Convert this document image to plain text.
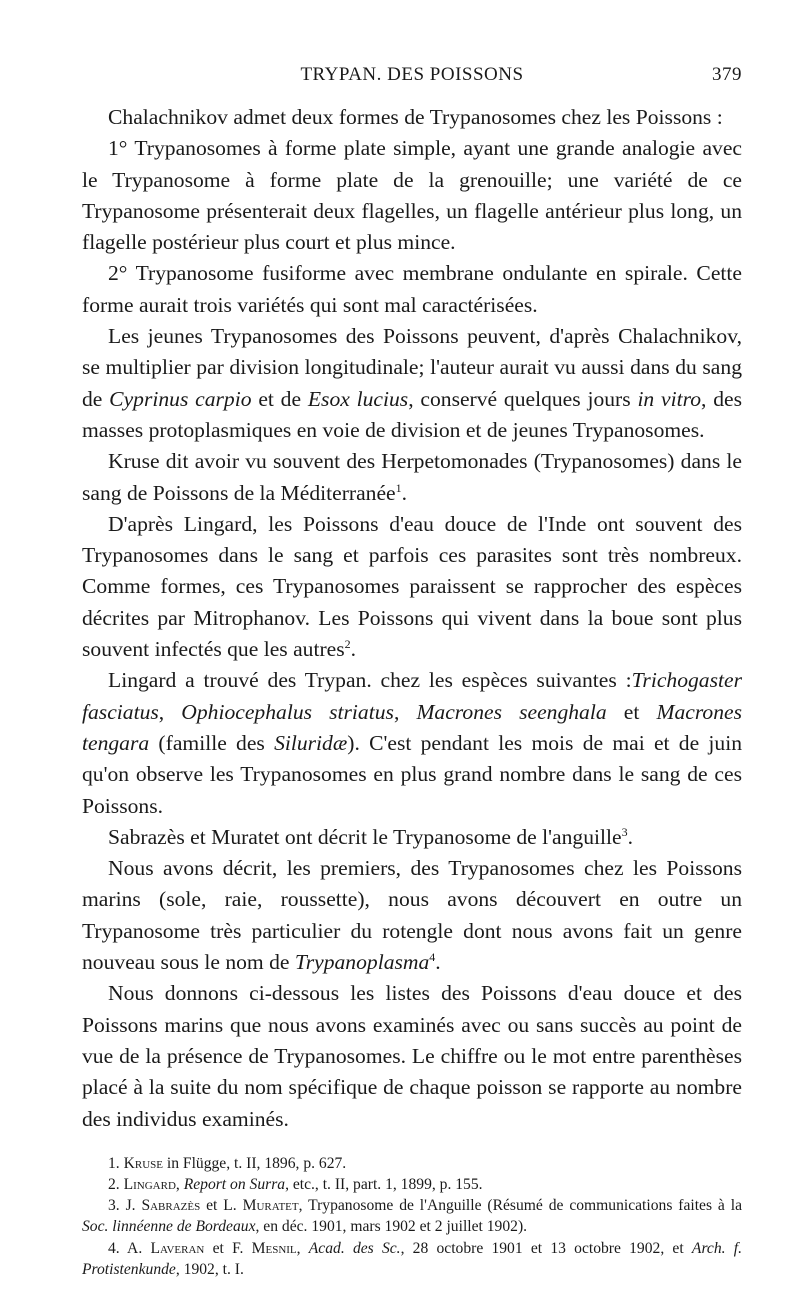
TRYPAN. DES POISSONS	379

Chalachnikov admet deux formes de Trypanosomes chez les Poissons :

1° Trypanosomes à forme plate simple, ayant une grande analogie avec le Trypanosome à forme plate de la grenouille; une variété de ce Trypanosome présenterait deux flagelles, un flagelle antérieur plus long, un flagelle postérieur plus court et plus mince.

2° Trypanosome fusiforme avec membrane ondulante en spirale. Cette forme aurait trois variétés qui sont mal caractérisées.

Les jeunes Trypanosomes des Poissons peuvent, d'après Chalachnikov, se multiplier par division longitudinale; l'auteur aurait vu aussi dans du sang de Cyprinus carpio et de Esox lucius, conservé quelques jours in vitro, des masses protoplasmiques en voie de division et de jeunes Trypanosomes.

Kruse dit avoir vu souvent des Herpetomonades (Trypanosomes) dans le sang de Poissons de la Méditerranée$^1$.

D'après Lingard, les Poissons d'eau douce de l'Inde ont souvent des Trypanosomes dans le sang et parfois ces parasites sont très nombreux. Comme formes, ces Trypanosomes paraissent se rapprocher des espèces décrites par Mitrophanov. Les Poissons qui vivent dans la boue sont plus souvent infectés que les autres$^2$.

Lingard a trouvé des Trypan. chez les espèces suivantes :Trichogaster fasciatus, Ophiocephalus striatus, Macrones seenghala et Macrones tengara (famille des Siluridæ). C'est pendant les mois de mai et de juin qu'on observe les Trypanosomes en plus grand nombre dans le sang de ces Poissons.

Sabrazès et Muratet ont décrit le Trypanosome de l'anguille$^3$.

Nous avons décrit, les premiers, des Trypanosomes chez les Poissons marins (sole, raie, roussette), nous avons découvert en outre un Trypanosome très particulier du rotengle dont nous avons fait un genre nouveau sous le nom de Trypanoplasma$^4$.

Nous donnons ci-dessous les listes des Poissons d'eau douce et des Poissons marins que nous avons examinés avec ou sans succès au point de vue de la présence de Trypanosomes. Le chiffre ou le mot entre parenthèses placé à la suite du nom spécifique de chaque poisson se rapporte au nombre des individus examinés.

1. Kruse in Flügge, t. II, 1896, p. 627.

2. Lingard, Report on Surra, etc., t. II, part. 1, 1899, p. 155.

3. J. Sabrazès et L. Muratet, Trypanosome de l'Anguille (Résumé de communications faites à la Soc. linnéenne de Bordeaux, en déc. 1901, mars 1902 et 2 juillet 1902).

4. A. Laveran et F. Mesnil, Acad. des Sc., 28 octobre 1901 et 13 octobre 1902, et Arch. f. Protistenkunde, 1902, t. I.
